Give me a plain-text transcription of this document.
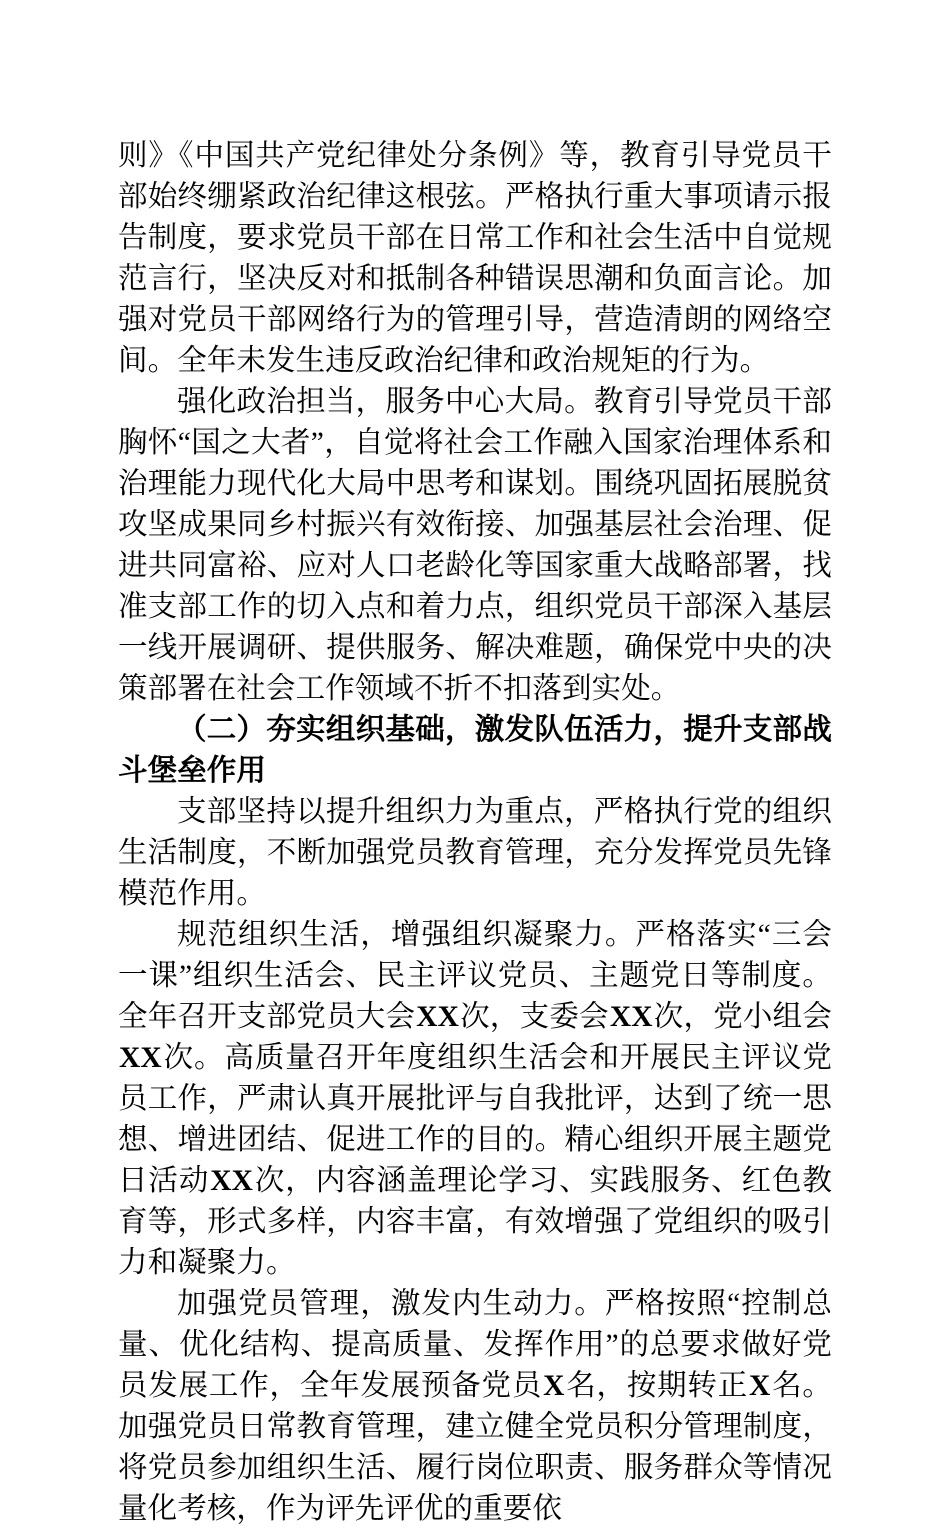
则》《中国共产党纪律处分条例》等，教育引导党员干部始终绷紧政治纪律这根弦。严格执行重大事项请示报告制度，要求党员干部在日常工作和社会生活中自觉规范言行，坚决反对和抵制各种错误思潮和负面言论。加强对党员干部网络行为的管理引导，营造清朗的网络空间。全年未发生违反政治纪律和政治规矩的行为。

强化政治担当，服务中心大局。教育引导党员干部胸怀“国之大者”，自觉将社会工作融入国家治理体系和治理能力现代化大局中思考和谋划。围绕巩固拓展脱贫攻坚成果同乡村振兴有效衔接、加强基层社会治理、促进共同富裕、应对人口老龄化等国家重大战略部署，找准支部工作的切入点和着力点，组织党员干部深入基层一线开展调研、提供服务、解决难题，确保党中央的决策部署在社会工作领域不折不扣落到实处。

（二）夯实组织基础，激发队伍活力，提升支部战斗堡垒作用

支部坚持以提升组织力为重点，严格执行党的组织生活制度，不断加强党员教育管理，充分发挥党员先锋模范作用。

规范组织生活，增强组织凝聚力。严格落实“三会一课”组织生活会、民主评议党员、主题党日等制度。全年召开支部党员大会XX次，支委会XX次，党小组会XX次。高质量召开年度组织生活会和开展民主评议党员工作，严肃认真开展批评与自我批评，达到了统一思想、增进团结、促进工作的目的。精心组织开展主题党日活动XX次，内容涵盖理论学习、实践服务、红色教育等，形式多样，内容丰富，有效增强了党组织的吸引力和凝聚力。

加强党员管理，激发内生动力。严格按照“控制总量、优化结构、提高质量、发挥作用”的总要求做好党员发展工作，全年发展预备党员X名，按期转正X名。加强党员日常教育管理，建立健全党员积分管理制度，将党员参加组织生活、履行岗位职责、服务群众等情况量化考核，作为评先评优的重要依
